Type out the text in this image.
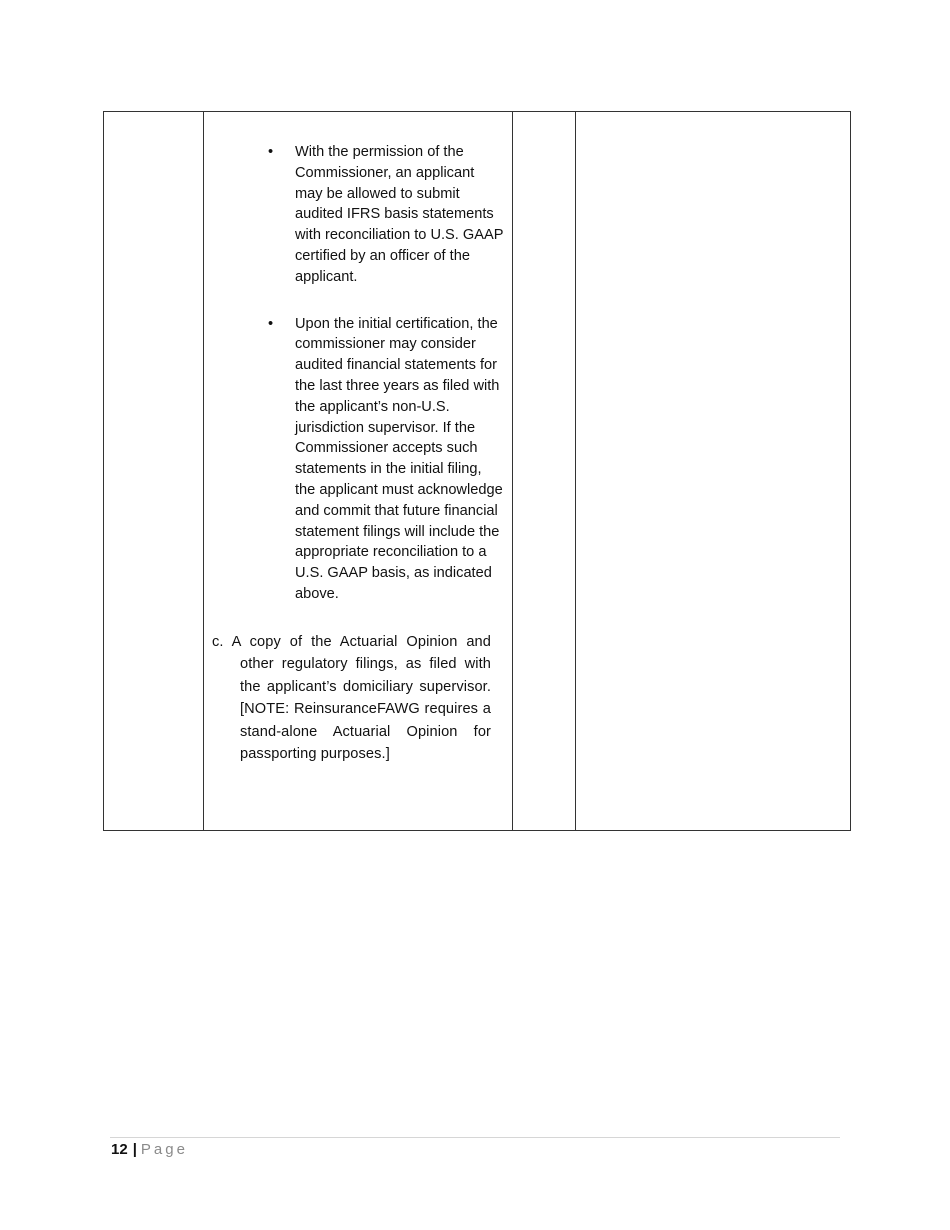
• With the permission of the Commissioner, an applicant may be allowed to submit audited IFRS basis statements with reconciliation to U.S. GAAP certified by an officer of the applicant.
• Upon the initial certification, the commissioner may consider audited financial statements for the last three years as filed with the applicant’s non-U.S. jurisdiction supervisor. If the Commissioner accepts such statements in the initial filing, the applicant must acknowledge and commit that future financial statement filings will include the appropriate reconciliation to a U.S. GAAP basis, as indicated above.
c. A copy of the Actuarial Opinion and other regulatory filings, as filed with the applicant’s domiciliary supervisor. [NOTE: ReinsuranceFAWG requires a stand-alone Actuarial Opinion for passporting purposes.]

12 | Page
